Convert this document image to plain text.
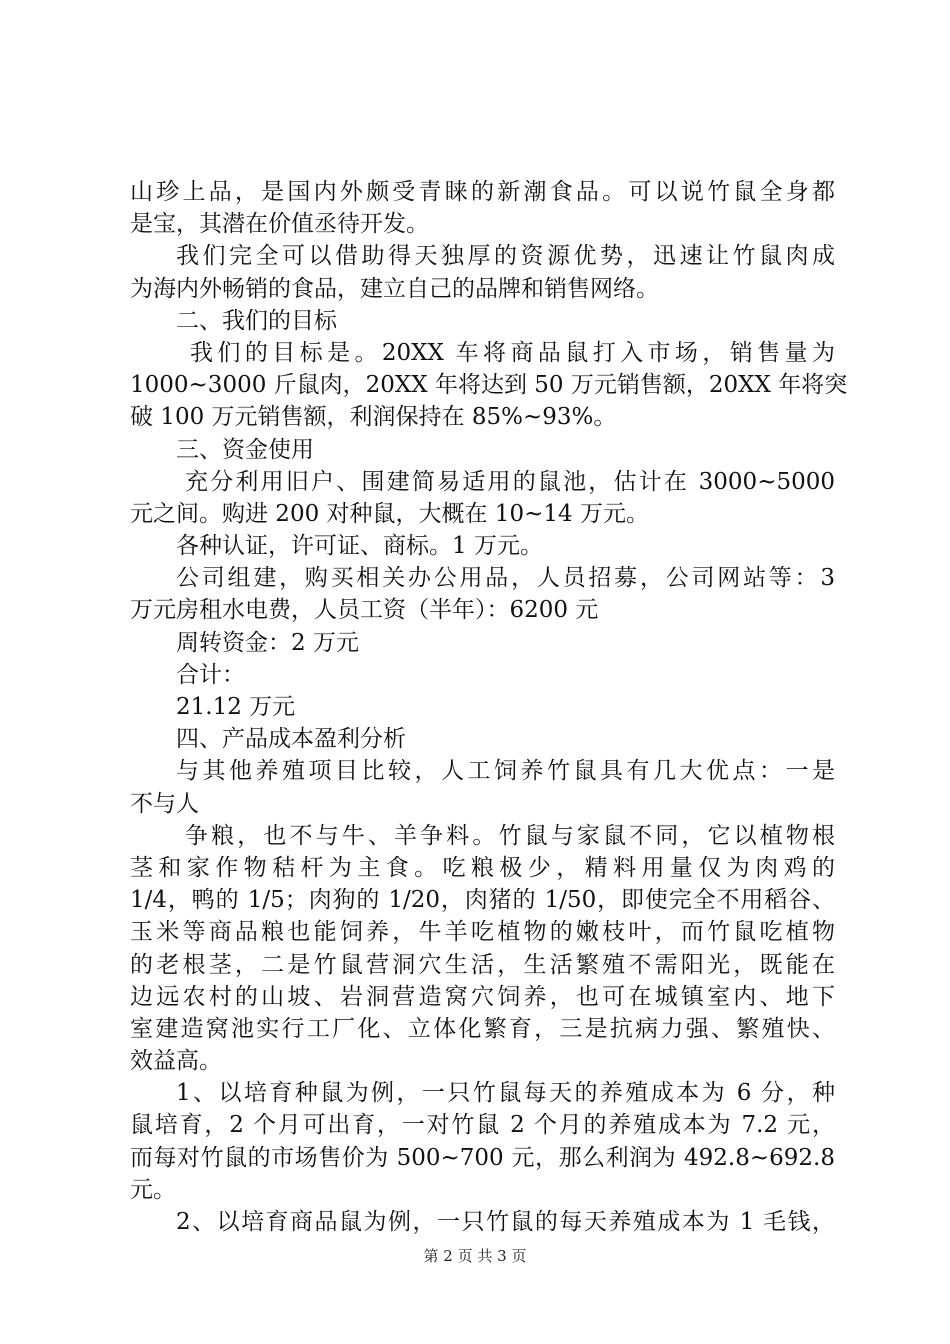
山珍上品，是国内外颇受青睐的新潮食品。可以说竹鼠全身都
是宝，其潜在价值丞待开发。
我们完全可以借助得天独厚的资源优势，迅速让竹鼠肉成
为海内外畅销的食品，建立自己的品牌和销售网络。
二、我们的目标
我们的目标是。20XX 车将商品鼠打入市场，销售量为
1000~3000 斤鼠肉，20XX 年将达到 50 万元销售额，20XX 年将突
破 100 万元销售额，利润保持在 85%~93%。
三、资金使用
充分利用旧户、围建简易适用的鼠池，估计在 3000~5000
元之间。购进 200 对种鼠，大概在 10~14 万元。
各种认证，许可证、商标。1 万元。
公司组建，购买相关办公用品，人员招募，公司网站等：3
万元房租水电费，人员工资（半年）：6200 元
周转资金：2 万元
合计：
21.12 万元
四、产品成本盈利分析
与其他养殖项目比较，人工饲养竹鼠具有几大优点：一是
不与人
争粮，也不与牛、羊争料。竹鼠与家鼠不同，它以植物根
茎和家作物秸杆为主食。吃粮极少，精料用量仅为肉鸡的
1/4，鸭的 1/5；肉狗的 1/20，肉猪的 1/50，即使完全不用稻谷、
玉米等商品粮也能饲养，牛羊吃植物的嫩枝叶，而竹鼠吃植物
的老根茎，二是竹鼠营洞穴生活，生活繁殖不需阳光，既能在
边远农村的山坡、岩洞营造窝穴饲养，也可在城镇室内、地下
室建造窝池实行工厂化、立体化繁育，三是抗病力强、繁殖快、
效益高。
1、以培育种鼠为例，一只竹鼠每天的养殖成本为 6 分，种
鼠培育，2 个月可出育，一对竹鼠 2 个月的养殖成本为 7.2 元，
而每对竹鼠的市场售价为 500~700 元，那么利润为 492.8~692.8
元。
2、以培育商品鼠为例，一只竹鼠的每天养殖成本为 1 毛钱，
第 2 页 共 3 页
